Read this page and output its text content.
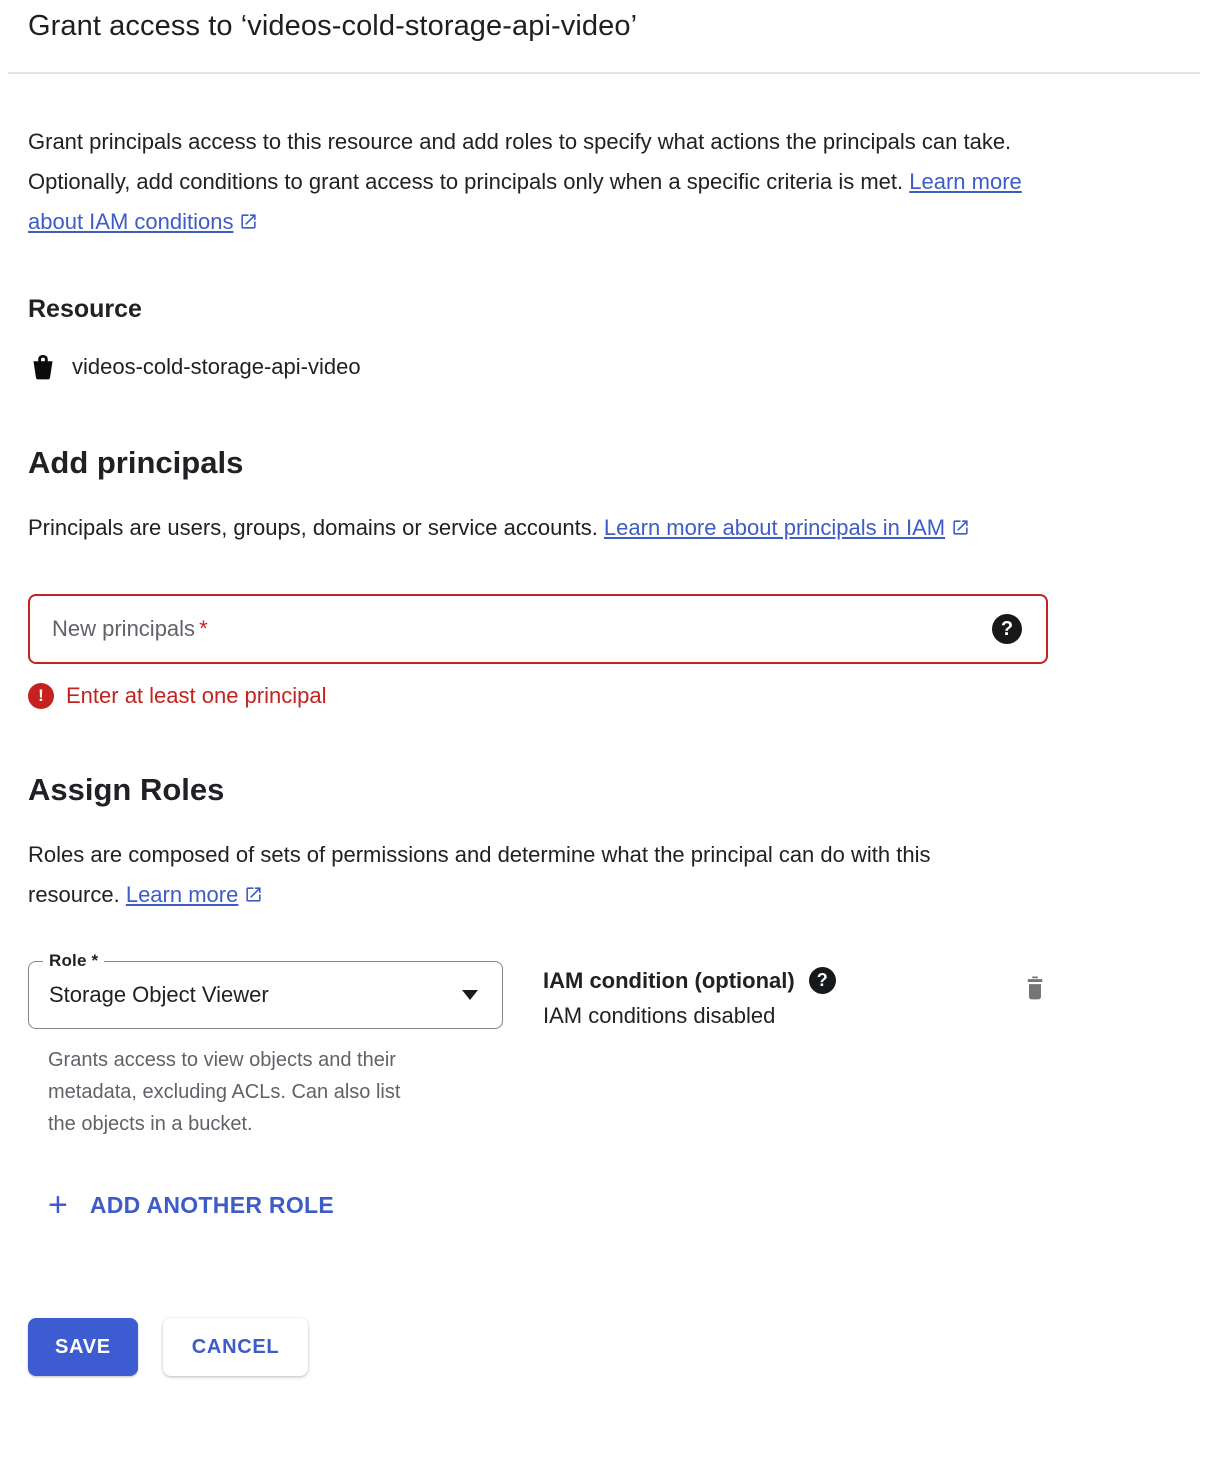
Grant access to ‘videos-cold-storage-api-video’

Grant principals access to this resource and add roles to specify what actions the principals can take. Optionally, add conditions to grant access to principals only when a specific criteria is met. Learn more about IAM conditions

Resource
videos-cold-storage-api-video
Add principals

Principals are users, groups, domains or service accounts. Learn more about principals in IAM

New principals *	?
!	Enter at least one principal
Assign Roles

Roles are composed of sets of permissions and determine what the principal can do with this resource. Learn more

Role *
Storage Object Viewer
Grants access to view objects and their metadata, excluding ACLs. Can also list the objects in a bucket.
IAM condition (optional)	?
IAM conditions disabled
+ ADD ANOTHER ROLE
SAVE	CANCEL
